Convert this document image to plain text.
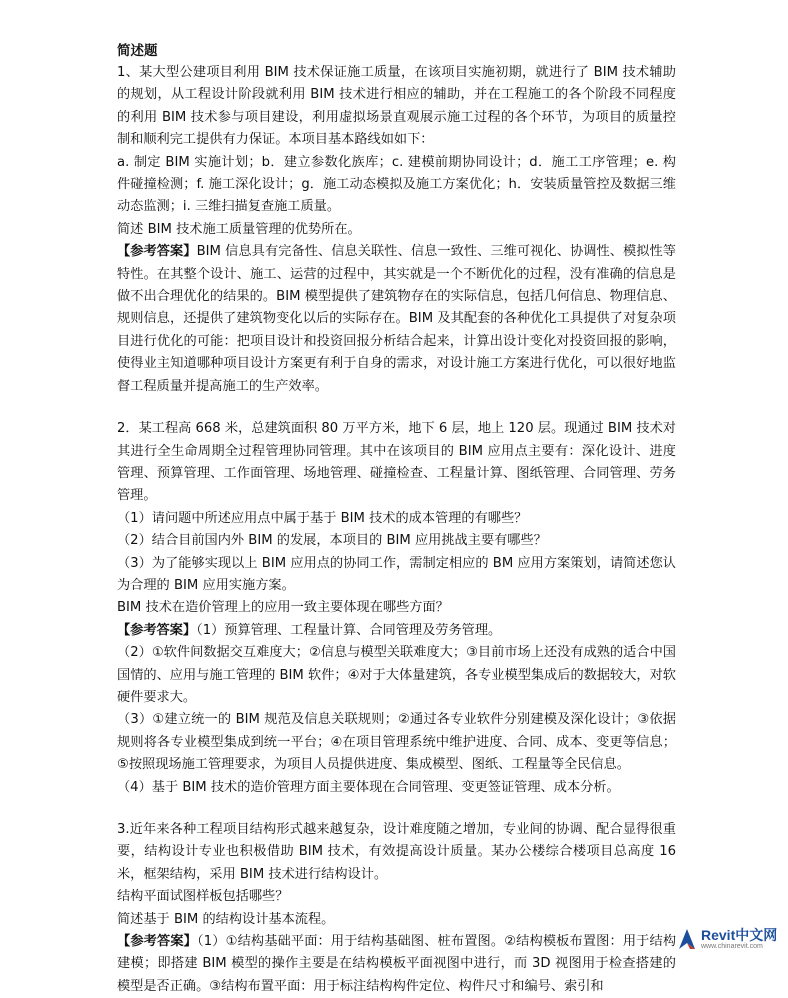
简述题

1、某大型公建项目利用 BIM 技术保证施工质量，在该项目实施初期，就进行了 BIM 技术辅助的规划，从工程设计阶段就利用 BIM 技术进行相应的辅助，并在工程施工的各个阶段不同程度的利用 BIM 技术参与项目建设，利用虚拟场景直观展示施工过程的各个环节，为项目的质量控制和顺利完工提供有力保证。本项目基本路线如如下：

a. 制定 BIM 实施计划；b．建立参数化族库；c. 建模前期协同设计；d．施工工序管理；e. 构件碰撞检测；f. 施工深化设计；g．施工动态模拟及施工方案优化；h．安装质量管控及数据三维动态监测；i. 三维扫描复查施工质量。

简述 BIM 技术施工质量管理的优势所在。

【参考答案】BIM 信息具有完备性、信息关联性、信息一致性、三维可视化、协调性、模拟性等特性。在其整个设计、施工、运营的过程中，其实就是一个不断优化的过程，没有准确的信息是做不出合理优化的结果的。BIM 模型提供了建筑物存在的实际信息，包括几何信息、物理信息、规则信息，还提供了建筑物变化以后的实际存在。BIM 及其配套的各种优化工具提供了对复杂项目进行优化的可能：把项目设计和投资回报分析结合起来，计算出设计变化对投资回报的影响，使得业主知道哪种项目设计方案更有利于自身的需求，对设计施工方案进行优化，可以很好地监督工程质量并提高施工的生产效率。

2．某工程高 668 米，总建筑面积 80 万平方米，地下 6 层，地上 120 层。现通过 BIM 技术对其进行全生命周期全过程管理协同管理。其中在该项目的 BIM 应用点主要有：深化设计、进度管理、预算管理、工作面管理、场地管理、碰撞检查、工程量计算、图纸管理、合同管理、劳务管理。

（1）请问题中所述应用点中属于基于 BIM 技术的成本管理的有哪些？

（2）结合目前国内外 BIM 的发展，本项目的 BIM 应用挑战主要有哪些？

（3）为了能够实现以上 BIM 应用点的协同工作，需制定相应的 BM 应用方案策划，请简述您认为合理的 BIM 应用实施方案。

BIM 技术在造价管理上的应用一致主要体现在哪些方面？

【参考答案】（1）预算管理、工程量计算、合同管理及劳务管理。

（2）①软件间数据交互难度大；②信息与模型关联难度大；③目前市场上还没有成熟的适合中国国情的、应用与施工管理的 BIM 软件；④对于大体量建筑，各专业模型集成后的数据较大，对软硬件要求大。

（3）①建立统一的 BIM 规范及信息关联规则；②通过各专业软件分别建模及深化设计；③依据规则将各专业模型集成到统一平台；④在项目管理系统中维护进度、合同、成本、变更等信息；⑤按照现场施工管理要求，为项目人员提供进度、集成模型、图纸、工程量等全民信息。

（4）基于 BIM 技术的造价管理方面主要体现在合同管理、变更签证管理、成本分析。

3.近年来各种工程项目结构形式越来越复杂，设计难度随之增加，专业间的协调、配合显得很重要，结构设计专业也积极借助 BIM 技术，有效提高设计质量。某办公楼综合楼项目总高度 16 米，框架结构，采用 BIM 技术进行结构设计。

结构平面试图样板包括哪些？

简述基于 BIM 的结构设计基本流程。

【参考答案】（1）①结构基础平面：用于结构基础图、桩布置图。②结构模板布置图：用于结构建模；即搭建 BIM 模型的操作主要是在结构模板平面视图中进行，而 3D 视图用于检查搭建的模型是否正确。③结构布置平面：用于标注结构构件定位、构件尺寸和编号、索引和

Revit中文网
www.chinarevit.com
